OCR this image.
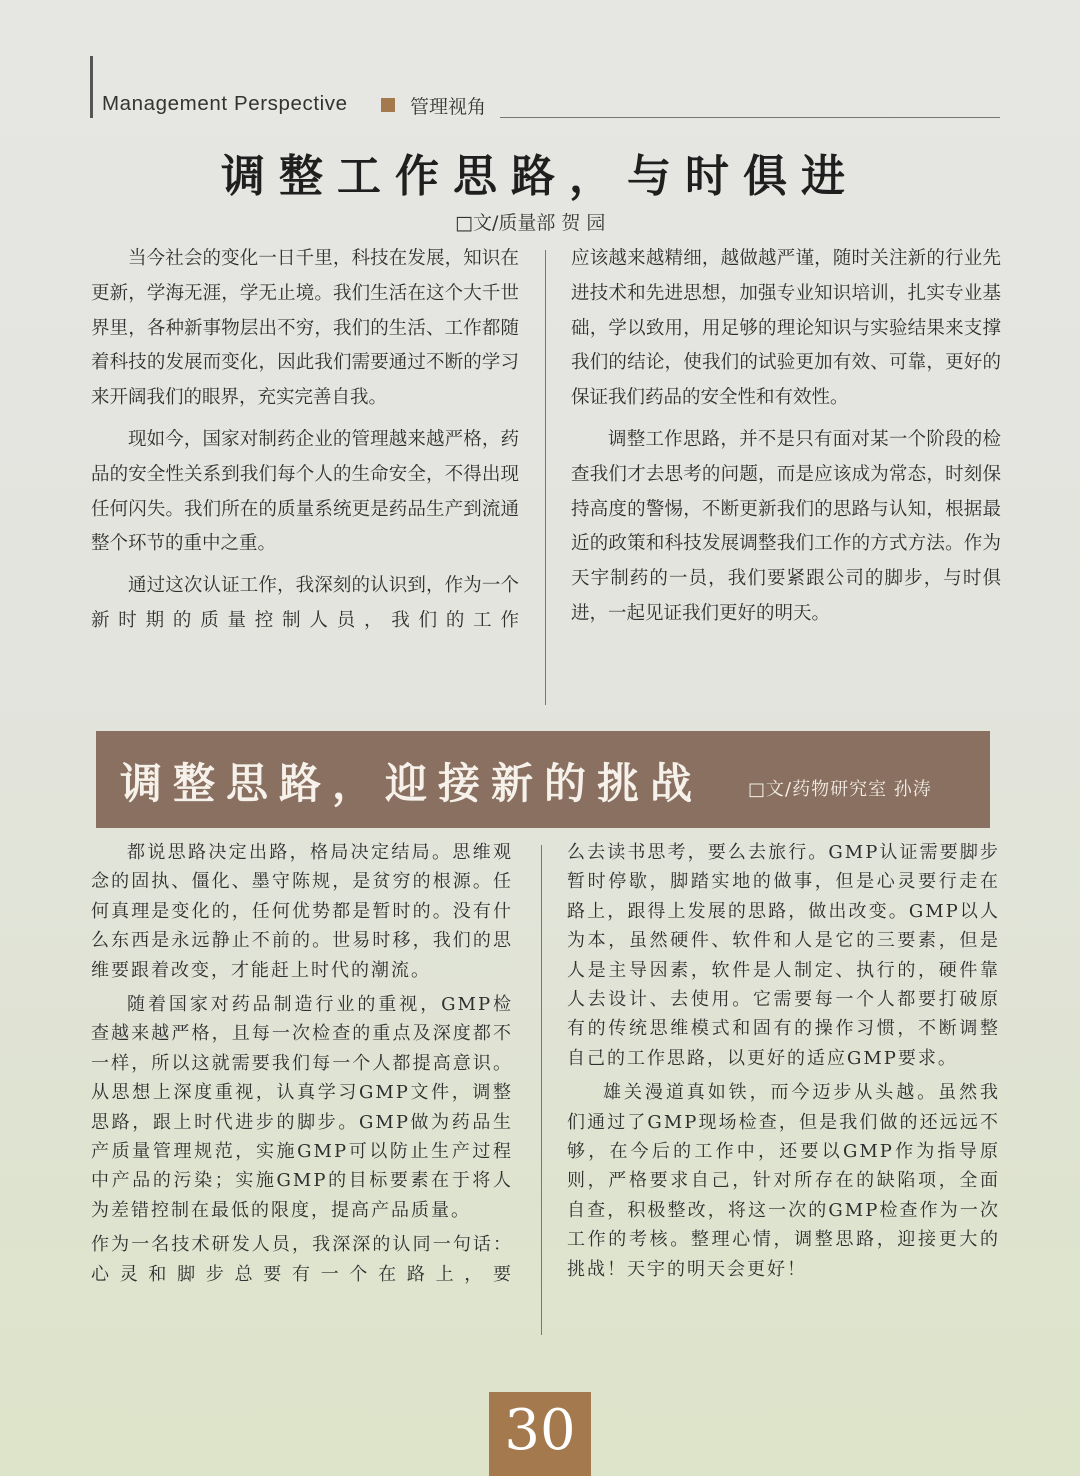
Management Perspective	管理视角
调整工作思路，与时俱进
□文/质量部 贺 园

当今社会的变化一日千里，科技在发展，知识在更新，学海无涯，学无止境。我们生活在这个大千世界里，各种新事物层出不穷，我们的生活、工作都随着科技的发展而变化，因此我们需要通过不断的学习来开阔我们的眼界，充实完善自我。

现如今，国家对制药企业的管理越来越严格，药品的安全性关系到我们每个人的生命安全，不得出现任何闪失。我们所在的质量系统更是药品生产到流通整个环节的重中之重。

通过这次认证工作，我深刻的认识到，作为一个新时期的质量控制人员，我们的工作

应该越来越精细，越做越严谨，随时关注新的行业先进技术和先进思想，加强专业知识培训，扎实专业基础，学以致用，用足够的理论知识与实验结果来支撑我们的结论，使我们的试验更加有效、可靠，更好的保证我们药品的安全性和有效性。

调整工作思路，并不是只有面对某一个阶段的检查我们才去思考的问题，而是应该成为常态，时刻保持高度的警惕，不断更新我们的思路与认知，根据最近的政策和科技发展调整我们工作的方式方法。作为天宇制药的一员，我们要紧跟公司的脚步，与时俱进，一起见证我们更好的明天。

调整思路，迎接新的挑战 □文/药物研究室 孙涛

都说思路决定出路，格局决定结局。思维观念的固执、僵化、墨守陈规，是贫穷的根源。任何真理是变化的，任何优势都是暂时的。没有什么东西是永远静止不前的。世易时移，我们的思维要跟着改变，才能赶上时代的潮流。

随着国家对药品制造行业的重视，GMP检查越来越严格，且每一次检查的重点及深度都不一样，所以这就需要我们每一个人都提高意识。从思想上深度重视，认真学习GMP文件，调整思路，跟上时代进步的脚步。GMP做为药品生产质量管理规范，实施GMP可以防止生产过程中产品的污染；实施GMP的目标要素在于将人为差错控制在最低的限度，提高产品质量。

作为一名技术研发人员，我深深的认同一句话：心灵和脚步总要有一个在路上，要

么去读书思考，要么去旅行。GMP认证需要脚步暂时停歇，脚踏实地的做事，但是心灵要行走在路上，跟得上发展的思路，做出改变。GMP以人为本，虽然硬件、软件和人是它的三要素，但是人是主导因素，软件是人制定、执行的，硬件靠人去设计、去使用。它需要每一个人都要打破原有的传统思维模式和固有的操作习惯，不断调整自己的工作思路，以更好的适应GMP要求。

雄关漫道真如铁，而今迈步从头越。虽然我们通过了GMP现场检查，但是我们做的还远远不够，在今后的工作中，还要以GMP作为指导原则，严格要求自己，针对所存在的缺陷项，全面自查，积极整改，将这一次的GMP检查作为一次工作的考核。整理心情，调整思路，迎接更大的挑战！天宇的明天会更好！

30
